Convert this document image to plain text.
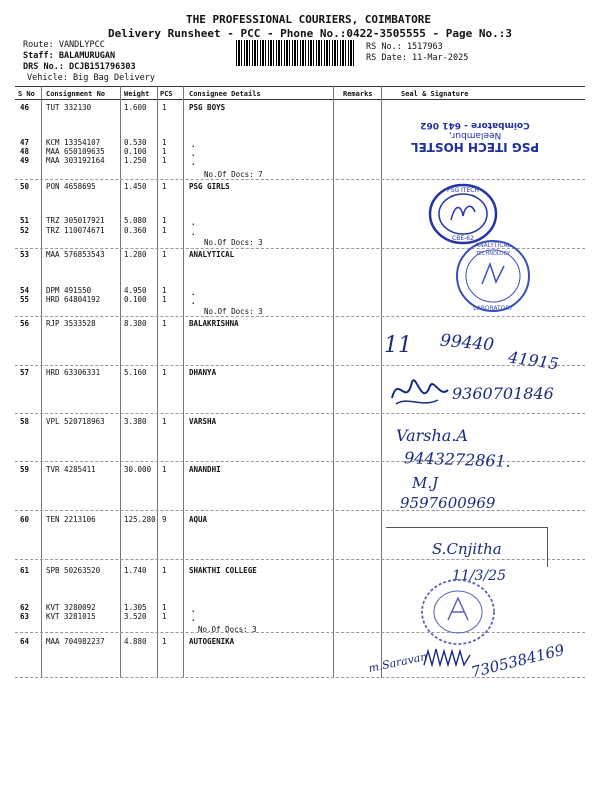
THE PROFESSIONAL COURIERS, COIMBATORE
Delivery Runsheet - PCC - Phone No.:0422-3505555 - Page No.:3
Route: VANDLYPCC
Staff: BALAMURUGAN
DRS No.: DCJB151796303
Vehicle: Big Bag Delivery
RS No.: 1517963
RS Date: 11-Mar-2025
S No Consignment No	Weight PCS Consignee Details	Remarks	Seal & Signature
46 TUT 332130	1.600 1	PSG BOYS
47 KCM 13354107	0.530 1	.
48 MAA 650109635	0.100 1	.
49 MAA 303192164	1.250 1	.
50 PON 4658695	1.450 1	PSG GIRLS
51 TRZ 305017921	5.080 1	.
52 TRZ 110074671	0.360 1	.
53 MAA 576853543	1.280 1	ANALYTICAL
54 DPM 491550	4.950 1	.
55 HRD 64804192	0.100 1	.
56 RJP 3533528	8.380 1	BALAKRISHNA
57 HRD 63306331	5.160 1	DHANYA
58 VPL 520718963	3.380 1	VARSHA
59 TVR 4285411	30.000 1	ANANDHI
60 TEN 2213106	125.280 9	AQUA
61 SPB 50263520	1.740 1	SHAKTHI COLLEGE
62 KVT 3280092	1.305 1	.
63 KVT 3281015	3.520 1	.
64 MAA 704982237	4.880 1	AUTOGENIKA
No.Of Docs: 7
No.Of Docs: 3
No.Of Docs: 3
No.Of Docs: 3
PSG ITECH HOSTEL
Neelambur,
Coimbatore - 641 062
PSG ITECH
CBE-62
ANALYTICAL
TECHNOLOGY
LABORATORY
11 99440
41915
9360701846
Varsha.A
9443272861.
M.J
9597600969
S.Cnjitha
11/3/25
m.Saravan	7305384169
